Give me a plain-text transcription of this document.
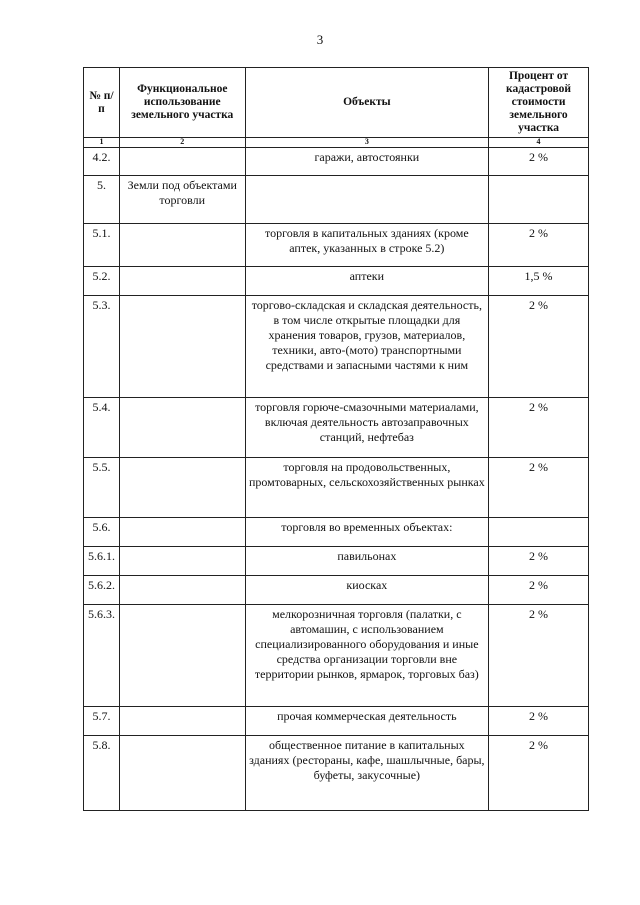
3
№ п/п	Функциональное использование земельного участка	Объекты	Процент от кадастровой стоимости земельного участка
1	2	3	4
4.2.		гаражи, автостоянки	2 %
5.	Земли под объектами торговли		
5.1.		торговля в капитальных зданиях (кроме аптек, указанных в строке 5.2)	2 %
5.2.		аптеки	1,5 %
5.3.		торгово-складская и складская деятельность, в том числе открытые площадки для хранения товаров, грузов, материалов, техники, авто-(мото) транспортными средствами и запасными частями к ним	2 %
5.4.		торговля горюче-смазочными материалами, включая деятельность автозаправочных станций, нефтебаз	2 %
5.5.		торговля на продовольственных, промтоварных, сельскохозяйственных рынках	2 %
5.6.		торговля во временных объектах:	
5.6.1.		павильонах	2 %
5.6.2.		киосках	2 %
5.6.3.		мелкорозничная торговля (палатки, с автомашин, с использованием специализированного оборудования и иные средства организации торговли вне территории рынков, ярмарок, торговых баз)	2 %
5.7.		прочая коммерческая деятельность	2 %
5.8.		общественное питание в капитальных зданиях (рестораны, кафе, шашлычные, бары, буфеты, закусочные)	2 %
